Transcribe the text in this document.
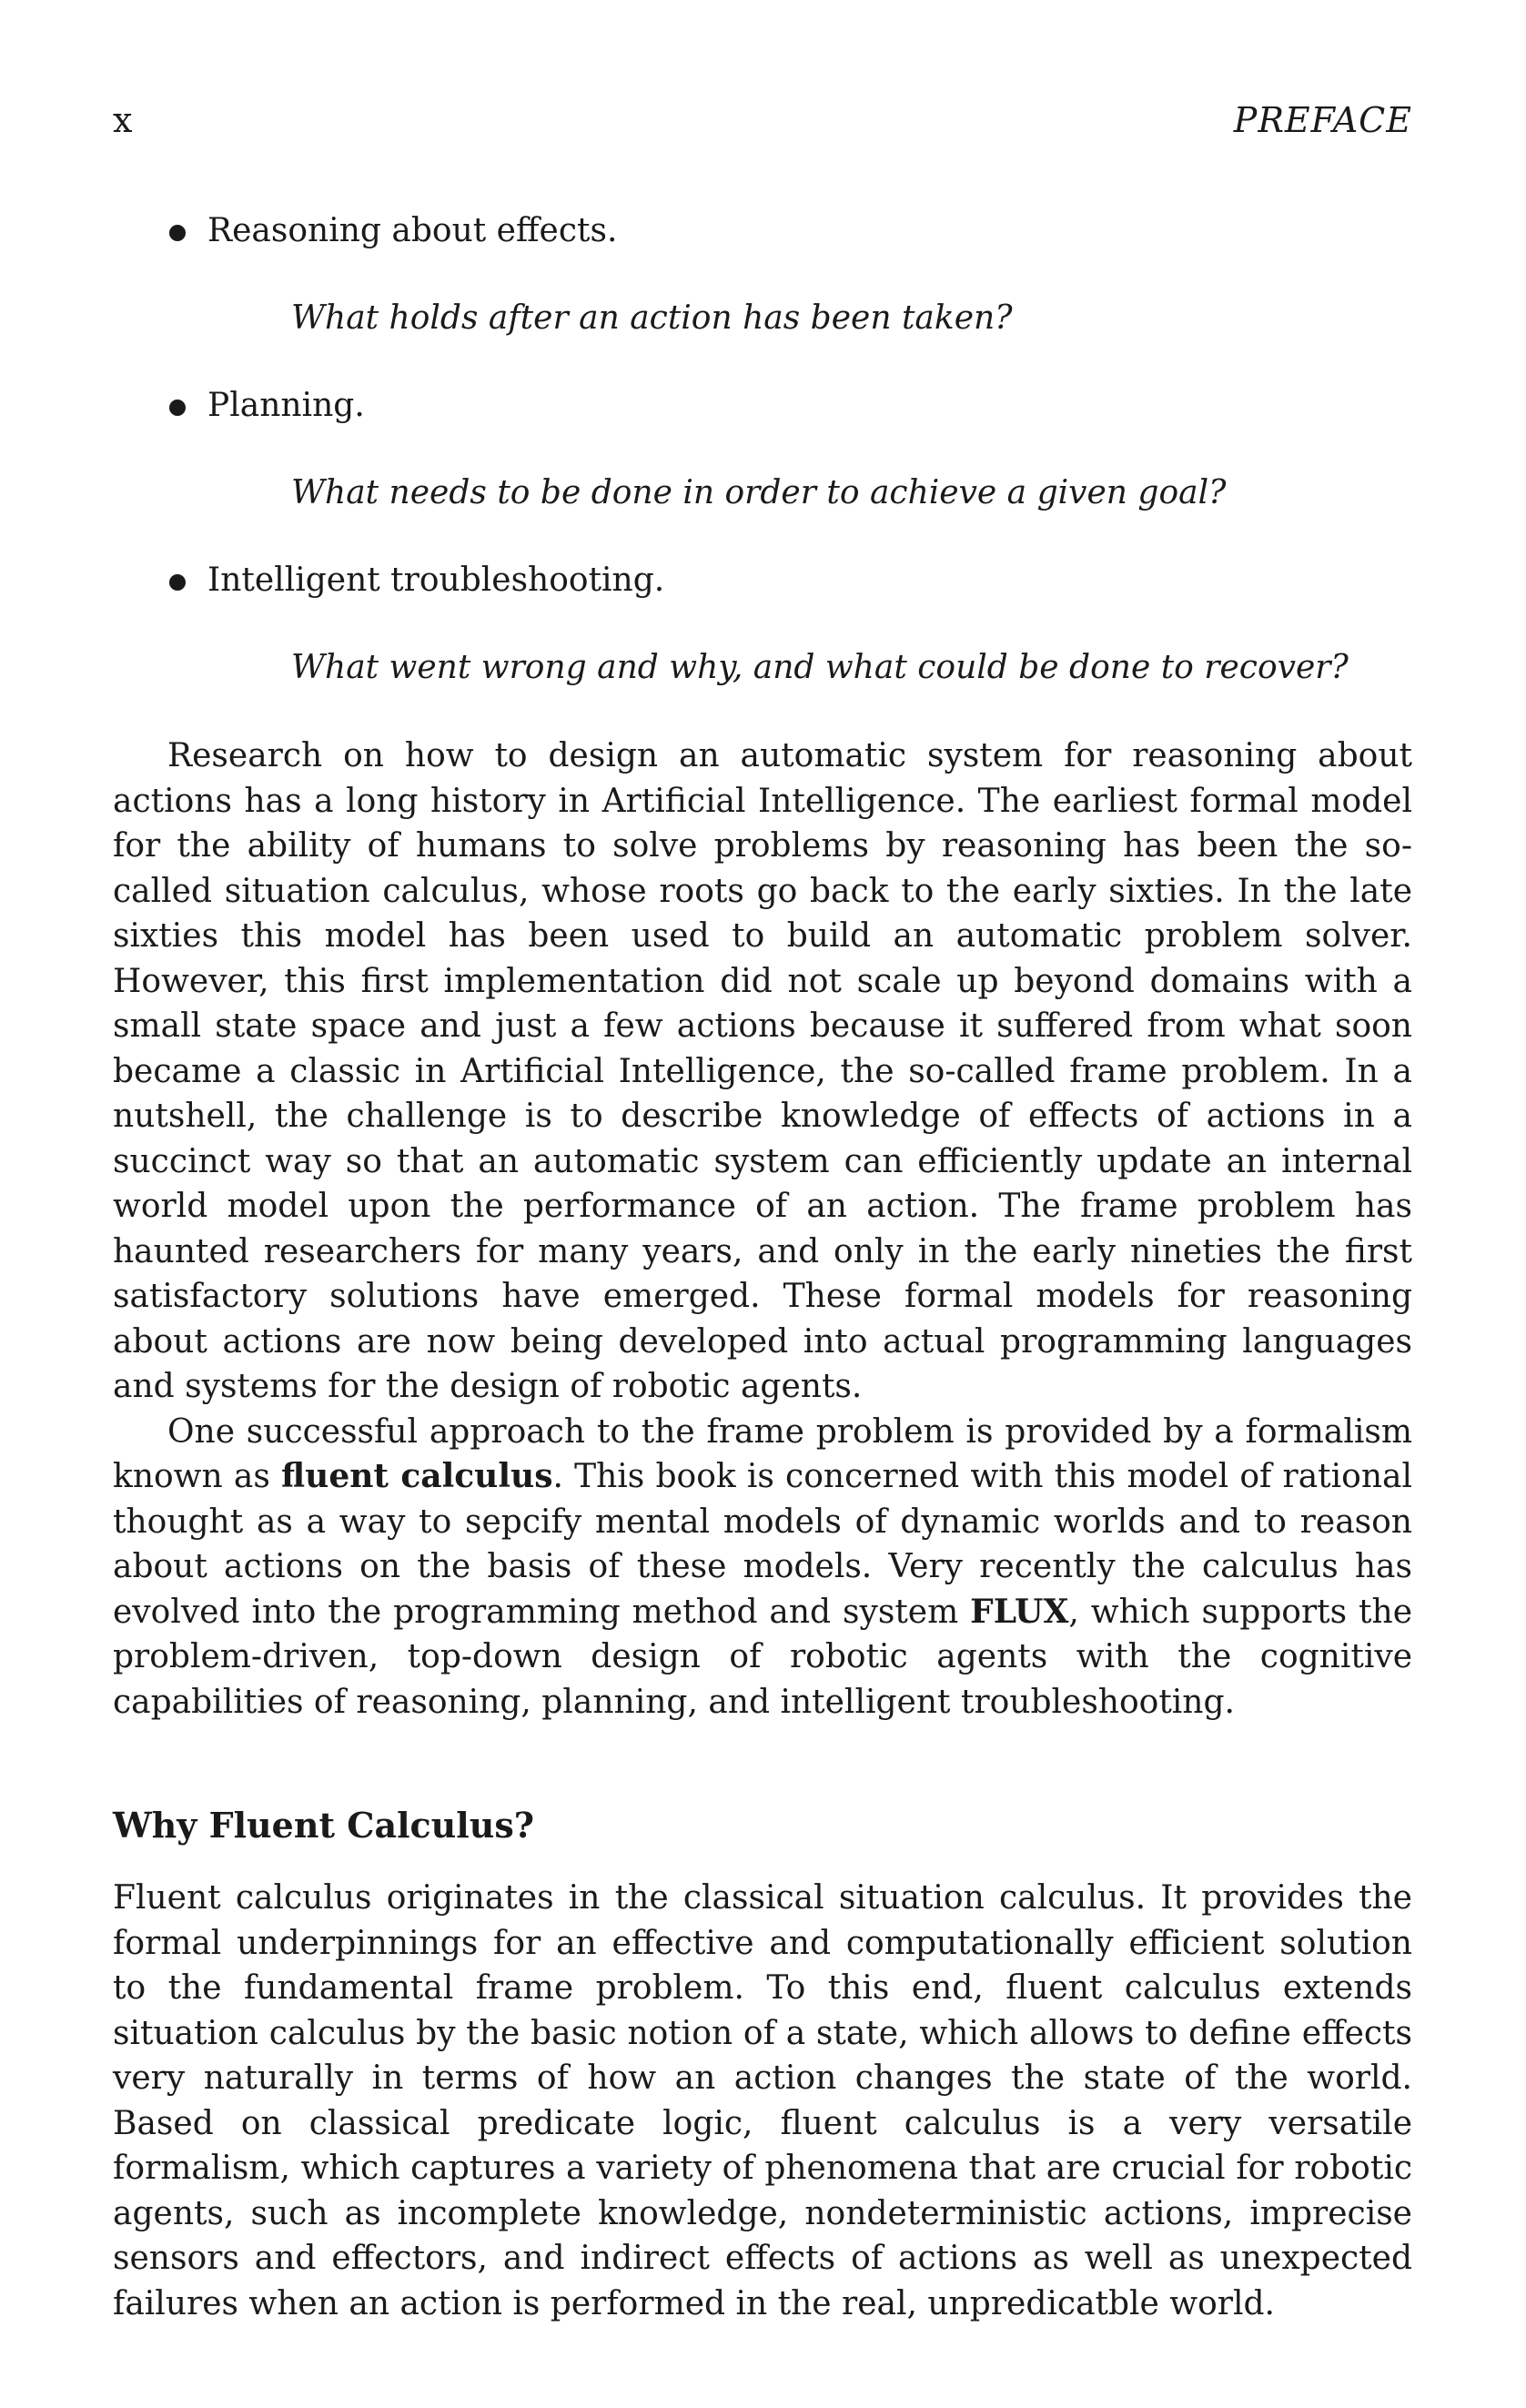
x	PREFACE
Reasoning about effects.
What holds after an action has been taken?
Planning.
What needs to be done in order to achieve a given goal?
Intelligent troubleshooting.
What went wrong and why, and what could be done to recover?

Research on how to design an automatic system for reasoning about actions has a long history in Artificial Intelligence. The earliest formal model for the ability of humans to solve problems by reasoning has been the so-called situation calculus, whose roots go back to the early sixties. In the late sixties this model has been used to build an automatic problem solver. However, this first implementation did not scale up beyond domains with a small state space and just a few actions because it suffered from what soon became a classic in Artificial Intelligence, the so-called frame problem. In a nutshell, the challenge is to describe knowledge of effects of actions in a succinct way so that an automatic system can efficiently update an internal world model upon the performance of an action. The frame problem has haunted researchers for many years, and only in the early nineties the first satisfactory solutions have emerged. These formal models for reasoning about actions are now being developed into actual programming languages and systems for the design of robotic agents.

One successful approach to the frame problem is provided by a formalism known as fluent calculus. This book is concerned with this model of rational thought as a way to sepcify mental models of dynamic worlds and to reason about actions on the basis of these models. Very recently the calculus has evolved into the programming method and system FLUX, which supports the problem-driven, top-down design of robotic agents with the cognitive capabilities of reasoning, planning, and intelligent troubleshooting.

Why Fluent Calculus?

Fluent calculus originates in the classical situation calculus. It provides the formal underpinnings for an effective and computationally efficient solution to the fundamental frame problem. To this end, fluent calculus extends situation calculus by the basic notion of a state, which allows to define effects very naturally in terms of how an action changes the state of the world. Based on classical predicate logic, fluent calculus is a very versatile formalism, which captures a variety of phenomena that are crucial for robotic agents, such as incomplete knowledge, nondeterministic actions, imprecise sensors and effectors, and indirect effects of actions as well as unexpected failures when an action is performed in the real, unpredicatble world.
